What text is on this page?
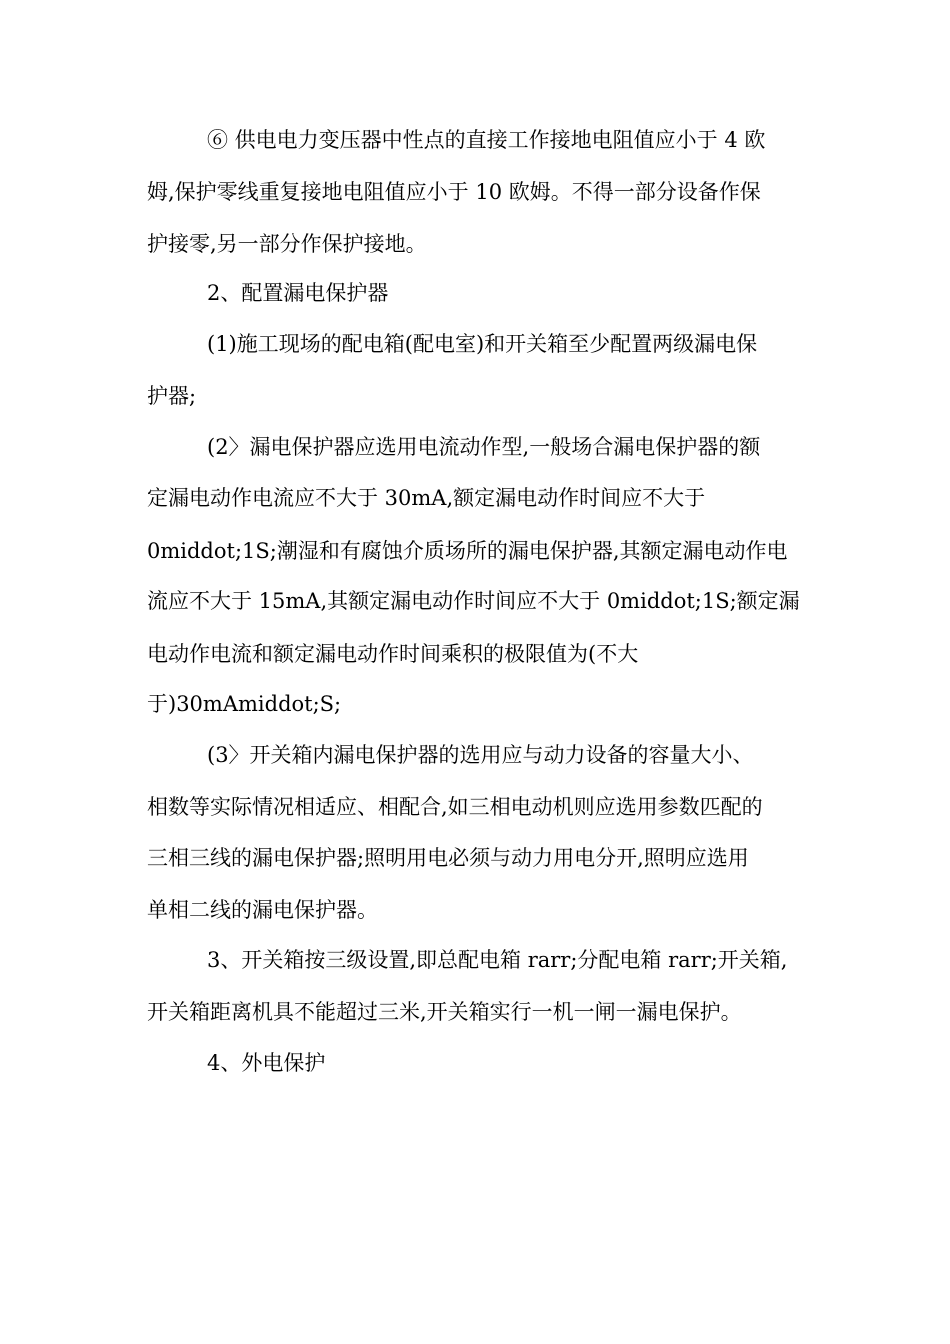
⑥ 供电电力变压器中性点的直接工作接地电阻值应小于 4 欧
姆,保护零线重复接地电阻值应小于 10 欧姆。不得一部分设备作保
护接零,另一部分作保护接地。
2、配置漏电保护器
(1)施工现场的配电箱(配电室)和开关箱至少配置两级漏电保
护器;
(2〉漏电保护器应选用电流动作型,一般场合漏电保护器的额
定漏电动作电流应不大于 30mA,额定漏电动作时间应不大于
0middot;1S;潮湿和有腐蚀介质场所的漏电保护器,其额定漏电动作电
流应不大于 15mA,其额定漏电动作时间应不大于 0middot;1S;额定漏
电动作电流和额定漏电动作时间乘积的极限值为(不大
于)30mAmiddot;S;
(3〉开关箱内漏电保护器的选用应与动力设备的容量大小、
相数等实际情况相适应、相配合,如三相电动机则应选用参数匹配的
三相三线的漏电保护器;照明用电必须与动力用电分开,照明应选用
单相二线的漏电保护器。
3、开关箱按三级设置,即总配电箱 rarr;分配电箱 rarr;开关箱,
开关箱距离机具不能超过三米,开关箱实行一机一闸一漏电保护。
4、外电保护
